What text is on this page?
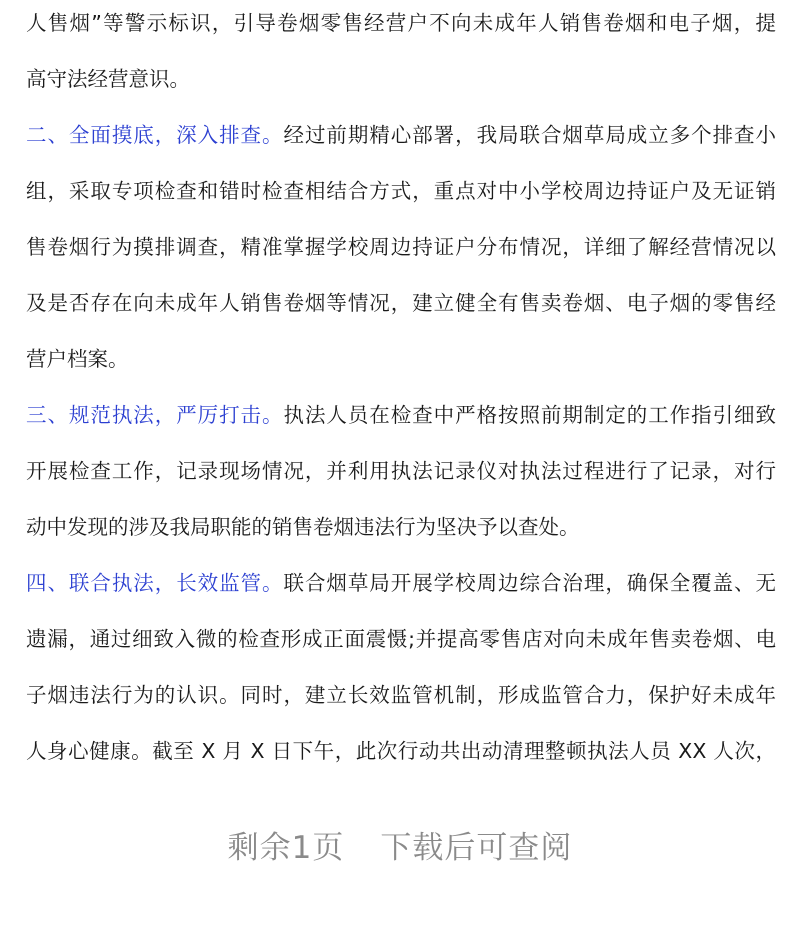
人售烟”等警示标识，引导卷烟零售经营户不向未成年人销售卷烟和电子烟，提
高守法经营意识。
二、全面摸底，深入排查。经过前期精心部署，我局联合烟草局成立多个排查小
组，采取专项检查和错时检查相结合方式，重点对中小学校周边持证户及无证销
售卷烟行为摸排调查，精准掌握学校周边持证户分布情况，详细了解经营情况以
及是否存在向未成年人销售卷烟等情况，建立健全有售卖卷烟、电子烟的零售经
营户档案。
三、规范执法，严厉打击。执法人员在检查中严格按照前期制定的工作指引细致
开展检查工作，记录现场情况，并利用执法记录仪对执法过程进行了记录，对行
动中发现的涉及我局职能的销售卷烟违法行为坚决予以查处。
四、联合执法，长效监管。联合烟草局开展学校周边综合治理，确保全覆盖、无
遗漏，通过细致入微的检查形成正面震慑;并提高零售店对向未成年售卖卷烟、电
子烟违法行为的认识。同时，建立长效监管机制，形成监管合力，保护好未成年
人身心健康。截至 X 月 X 日下午，此次行动共出动清理整顿执法人员 XX 人次，
剩余1页 下载后可查阅
